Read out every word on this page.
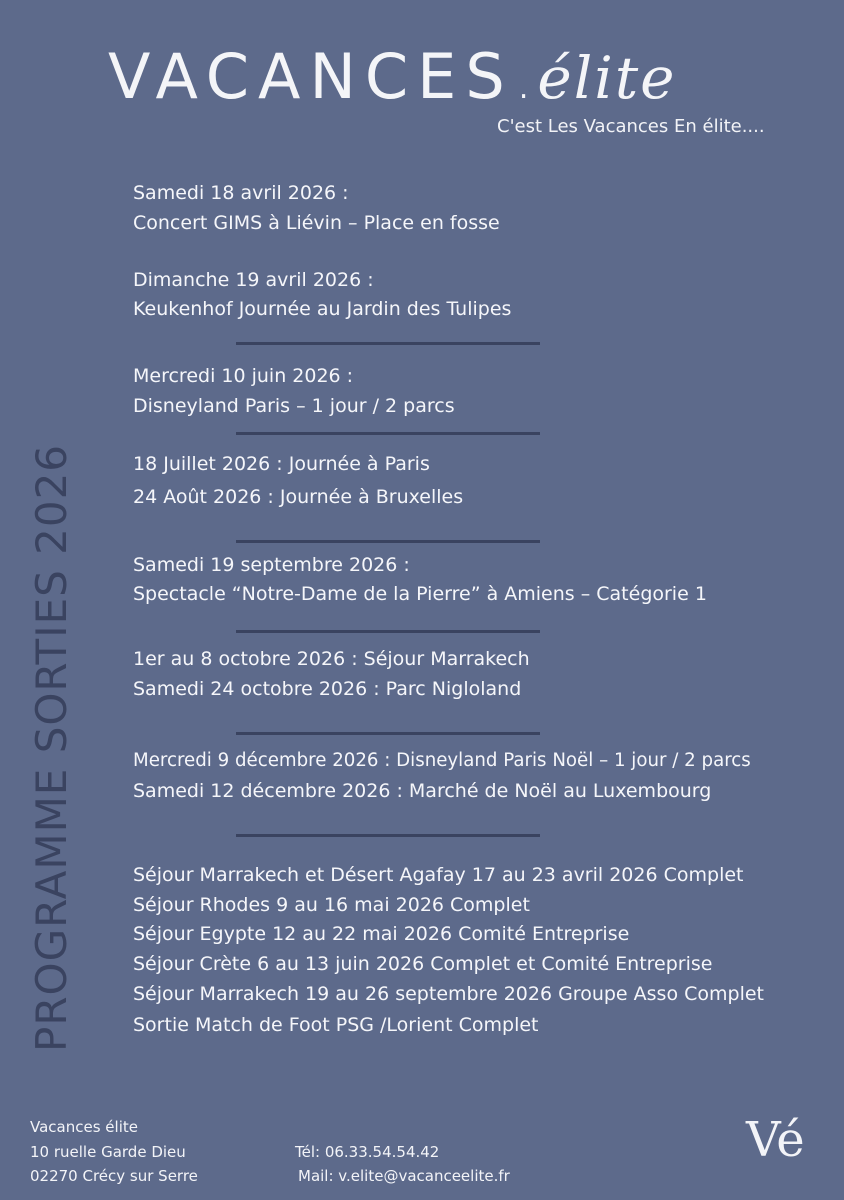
VACANCES.élite
C'est Les Vacances En élite....
PROGRAMME SORTIES 2026
Samedi 18 avril 2026 :
Concert GIMS à Liévin – Place en fosse
Dimanche 19 avril 2026 :
Keukenhof Journée au Jardin des Tulipes
Mercredi 10 juin 2026 :
Disneyland Paris – 1 jour / 2 parcs
18 Juillet 2026 : Journée à Paris
24 Août 2026 : Journée à Bruxelles
Samedi 19 septembre 2026 :
Spectacle “Notre-Dame de la Pierre” à Amiens – Catégorie 1
1er au 8 octobre 2026 : Séjour Marrakech
Samedi 24 octobre 2026 : Parc Nigloland
Mercredi 9 décembre 2026 : Disneyland Paris Noël – 1 jour / 2 parcs
Samedi 12 décembre 2026 : Marché de Noël au Luxembourg
Séjour Marrakech et Désert Agafay 17 au 23 avril 2026 Complet
Séjour Rhodes 9 au 16 mai 2026 Complet
Séjour Egypte 12 au 22 mai 2026 Comité Entreprise
Séjour Crète 6 au 13 juin 2026 Complet et Comité Entreprise
Séjour Marrakech 19 au 26 septembre 2026 Groupe Asso Complet
Sortie Match de Foot PSG /Lorient Complet
Vacances élite
10 ruelle Garde Dieu
02270 Crécy sur Serre
Tél: 06.33.54.54.42
Mail: v.elite@vacanceelite.fr
Vé
